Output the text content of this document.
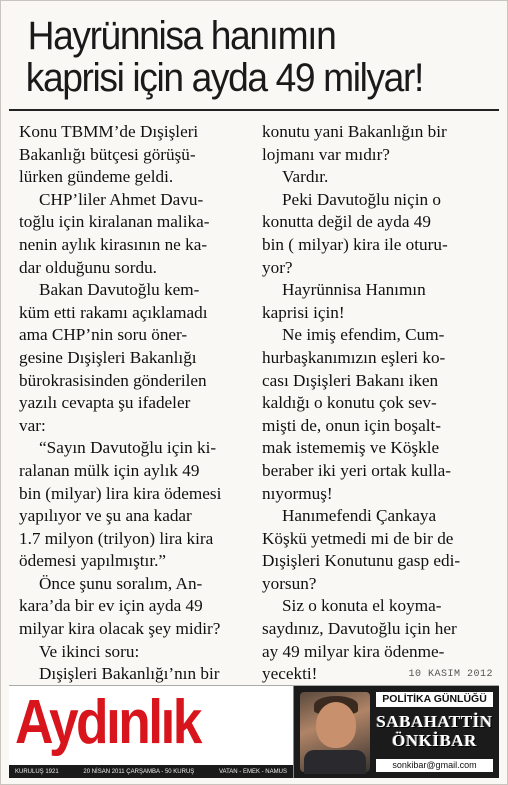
Hayrünnisa hanımın
kaprisi için ayda 49 milyar!

Konu TBMM’de Dışişleri
Bakanlığı bütçesi görüşü-
lürken gündeme geldi.

CHP’liler Ahmet Davu-
toğlu için kiralanan malika-
nenin aylık kirasının ne ka-
dar olduğunu sordu.

Bakan Davutoğlu kem-
küm etti rakamı açıklamadı
ama CHP’nin soru öner-
gesine Dışişleri Bakanlığı
bürokrasisinden gönderilen
yazılı cevapta şu ifadeler
var:

“Sayın Davutoğlu için ki-
ralanan mülk için aylık 49
bin (milyar) lira kira ödemesi
yapılıyor ve şu ana kadar
1.7 milyon (trilyon) lira kira
ödemesi yapılmıştır.”

Önce şunu soralım, An-
kara’da bir ev için ayda 49
milyar kira olacak şey midir?

Ve ikinci soru:

Dışişleri Bakanlığı’nın bir

konutu yani Bakanlığın bir
lojmanı var mıdır?

Vardır.

Peki Davutoğlu niçin o
konutta değil de ayda 49
bin ( milyar) kira ile oturu-
yor?

Hayrünnisa Hanımın
kaprisi için!

Ne imiş efendim, Cum-
hurbaşkanımızın eşleri ko-
cası Dışişleri Bakanı iken
kaldığı o konutu çok sev-
mişti de, onun için boşalt-
mak istememiş ve Köşkle
beraber iki yeri ortak kulla-
nıyormuş!

Hanımefendi Çankaya
Köşkü yetmedi mi de bir de
Dışişleri Konutunu gasp edi-
yorsun?

Siz o konuta el koyma-
saydınız, Davutoğlu için her
ay 49 milyar kira ödenme-
yecekti!	10 KASIM 2012
Aydınlık
KURULUŞ 1921	20 NİSAN 2011 ÇARŞAMBA - 50 KURUŞ	VATAN - EMEK - NAMUS
POLİTİKA GÜNLÜĞÜ
SABAHATTİN
ÖNKİBAR
sonkibar@gmail.com
